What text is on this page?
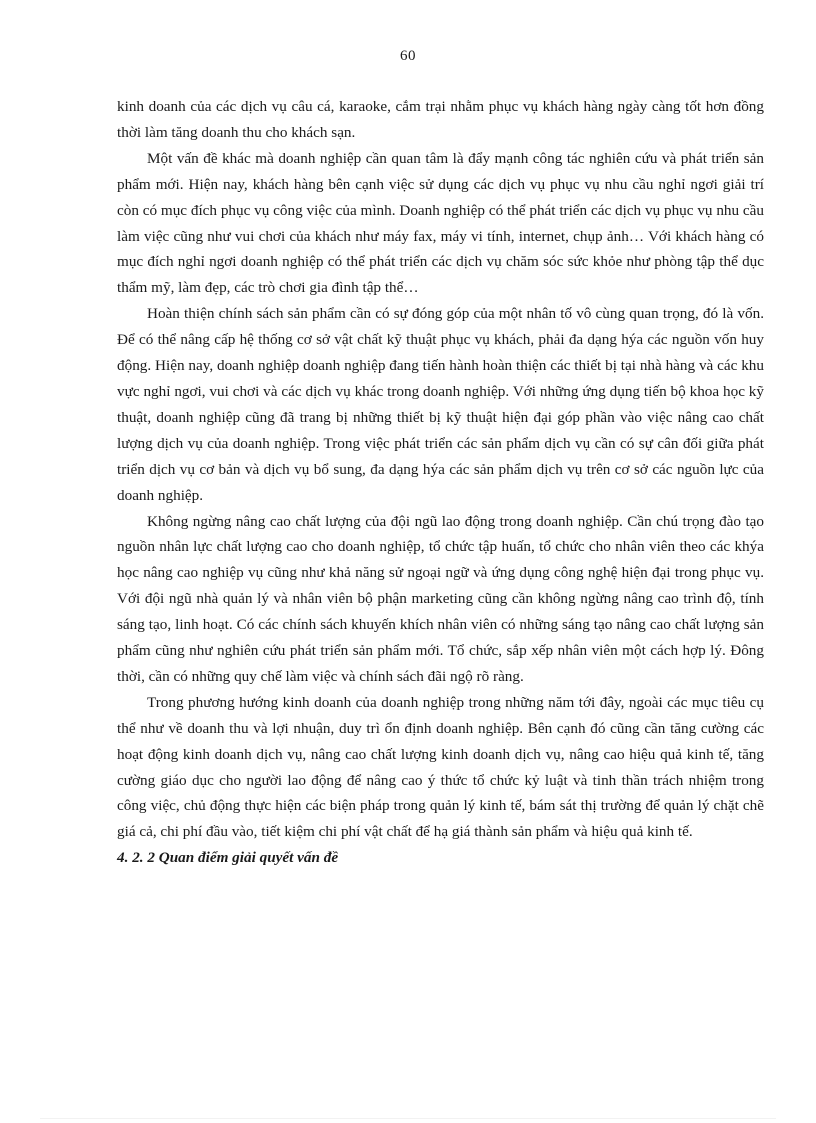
60

kinh doanh của các dịch vụ câu cá, karaoke, cắm trại nhằm phục vụ khách hàng ngày càng tốt hơn đồng thời làm tăng doanh thu cho khách sạn.

Một vấn đề khác mà doanh nghiệp cần quan tâm là đẩy mạnh công tác nghiên cứu và phát triển sản phẩm mới. Hiện nay, khách hàng bên cạnh việc sử dụng các dịch vụ phục vụ nhu cầu nghỉ ngơi giải trí còn có mục đích phục vụ công việc của mình. Doanh nghiệp có thể phát triển các dịch vụ phục vụ nhu cầu làm việc cũng như vui chơi của khách như máy fax, máy vi tính, internet, chụp ảnh… Với khách hàng có mục đích nghỉ ngơi doanh nghiệp có thể phát triển các dịch vụ chăm sóc sức khỏe như phòng tập thể dục thẩm mỹ, làm đẹp, các trò chơi gia đình tập thể…

Hoàn thiện chính sách sản phẩm cần có sự đóng góp của một nhân tố vô cùng quan trọng, đó là vốn. Để có thể nâng cấp hệ thống cơ sở vật chất kỹ thuật phục vụ khách, phải đa dạng hýa các nguồn vốn huy động. Hiện nay, doanh nghiệp doanh nghiệp đang tiến hành hoàn thiện các thiết bị tại nhà hàng và các khu vực nghỉ ngơi, vui chơi và các dịch vụ khác trong doanh nghiệp. Với những ứng dụng tiến bộ khoa học kỹ thuật, doanh nghiệp cũng đã trang bị những thiết bị kỹ thuật hiện đại góp phần vào việc nâng cao chất lượng dịch vụ của doanh nghiệp. Trong việc phát triển các sản phẩm dịch vụ cần có sự cân đối giữa phát triển dịch vụ cơ bản và dịch vụ bổ sung, đa dạng hýa các sản phẩm dịch vụ trên cơ sở các nguồn lực của doanh nghiệp.

Không ngừng nâng cao chất lượng của đội ngũ lao động trong doanh nghiệp. Cần chú trọng đào tạo nguồn nhân lực chất lượng cao cho doanh nghiệp, tổ chức tập huấn, tổ chức cho nhân viên theo các khýa học nâng cao nghiệp vụ cũng như khả năng sử ngoại ngữ và ứng dụng công nghệ hiện đại trong phục vụ. Với đội ngũ nhà quản lý và nhân viên bộ phận marketing cũng cần không ngừng nâng cao trình độ, tính sáng tạo, linh hoạt. Có các chính sách khuyến khích nhân viên có những sáng tạo nâng cao chất lượng sản phẩm cũng như nghiên cứu phát triển sản phẩm mới. Tổ chức, sắp xếp nhân viên một cách hợp lý. Đông thời, cần có những quy chế làm việc và chính sách đãi ngộ rõ ràng.

Trong phương hướng kinh doanh của doanh nghiệp trong những năm tới đây, ngoài các mục tiêu cụ thể như về doanh thu và lợi nhuận, duy trì ổn định doanh nghiệp. Bên cạnh đó cũng cần tăng cường các hoạt động kinh doanh dịch vụ, nâng cao chất lượng kinh doanh dịch vụ, nâng cao hiệu quả kinh tế, tăng cường giáo dục cho người lao động để nâng cao ý thức tổ chức kỷ luật và tinh thần trách nhiệm trong công việc, chủ động thực hiện các biện pháp trong quản lý kinh tế, bám sát thị trường để quản lý chặt chẽ giá cả, chi phí đầu vào, tiết kiệm chi phí vật chất để hạ giá thành sản phẩm và hiệu quả kinh tế.

4. 2. 2 Quan điểm giải quyết vấn đề
